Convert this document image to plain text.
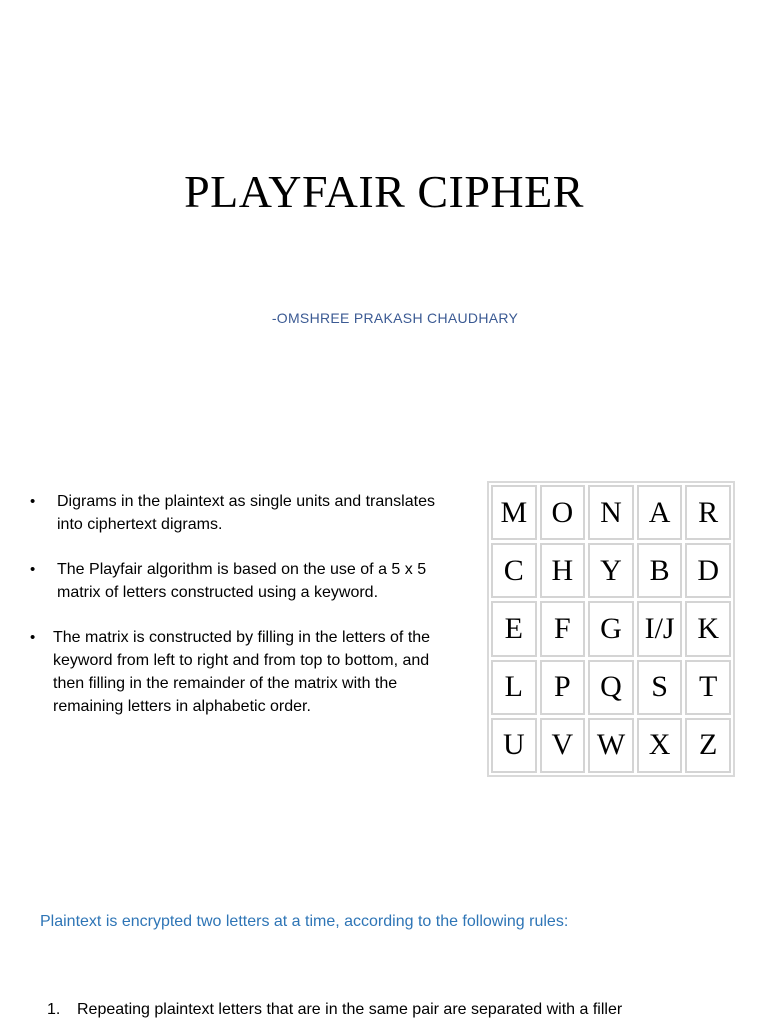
PLAYFAIR CIPHER
-OMSHREE PRAKASH CHAUDHARY
• Digrams in the plaintext as single units and translates into ciphertext digrams.
• The Playfair algorithm is based on the use of a 5 x 5 matrix of letters constructed using a keyword.
• The matrix is constructed by filling in the letters of the keyword from left to right and from top to bottom, and then filling in the remainder of the matrix with the remaining letters in alphabetic order.
M O N A R
C H Y B D
E	F G I/J K
L	P Q S	T
U V W X Z
Plaintext is encrypted two letters at a time, according to the following rules:
1. Repeating plaintext letters that are in the same pair are separated with a filler
